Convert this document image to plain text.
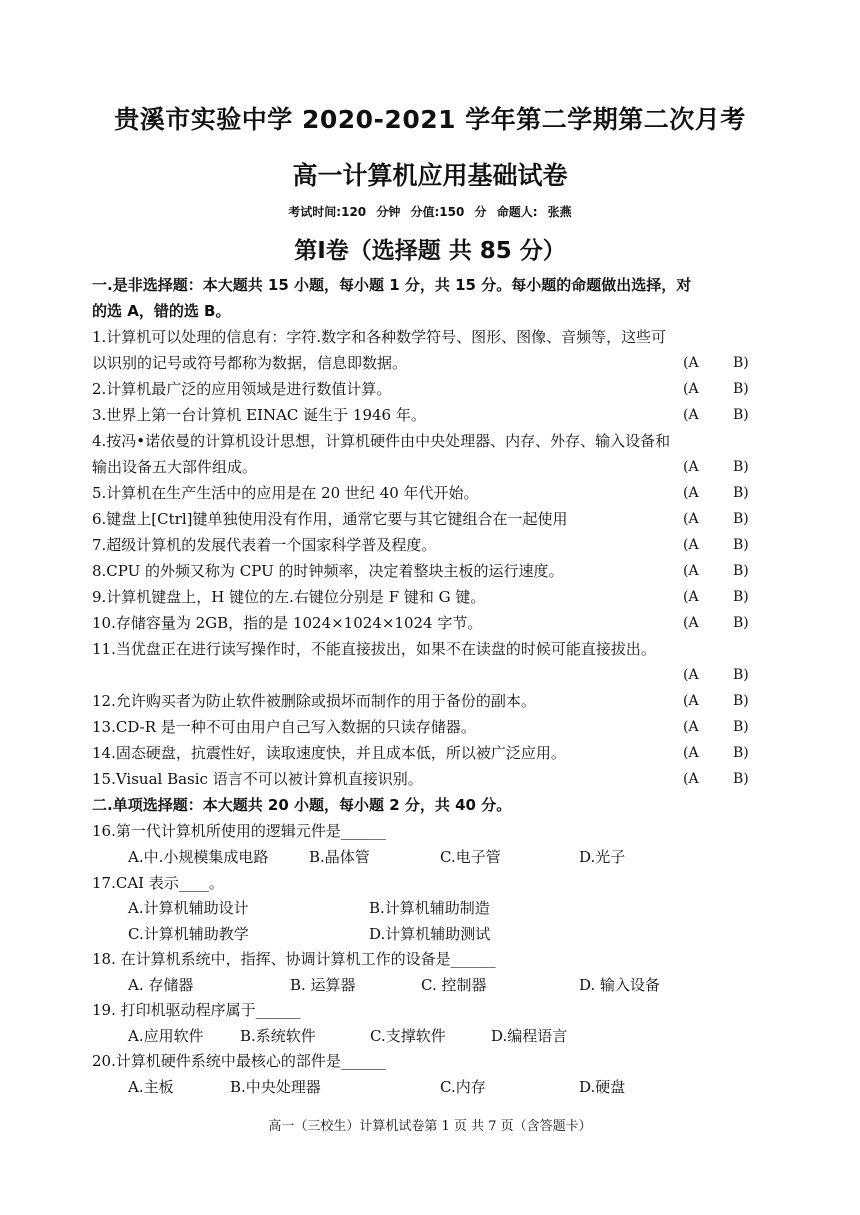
贵溪市实验中学 2020-2021 学年第二学期第二次月考
高一计算机应用基础试卷
考试时间:120 分钟 分值:150 分 命题人: 张燕
第Ⅰ卷（选择题 共 85 分）
一.是非选择题：本大题共 15 小题，每小题 1 分，共 15 分。每小题的命题做出选择，对
的选 A，错的选 B。
1.计算机可以处理的信息有：字符.数字和各种数学符号、图形、图像、音频等，这些可
以识别的记号或符号都称为数据，信息即数据。	(A B)
2.计算机最广泛的应用领域是进行数值计算。	(A B)
3.世界上第一台计算机 EINAC 诞生于 1946 年。	(A B)
4.按冯•诺依曼的计算机设计思想，计算机硬件由中央处理器、内存、外存、输入设备和
输出设备五大部件组成。	(A B)
5.计算机在生产生活中的应用是在 20 世纪 40 年代开始。	(A B)
6.键盘上[Ctrl]键单独使用没有作用，通常它要与其它键组合在一起使用	(A B)
7.超级计算机的发展代表着一个国家科学普及程度。	(A B)
8.CPU 的外频又称为 CPU 的时钟频率，决定着整块主板的运行速度。	(A B)
9.计算机键盘上，H 键位的左.右键位分别是 F 键和 G 键。	(A B)
10.存储容量为 2GB，指的是 1024×1024×1024 字节。	(A B)
11.当优盘正在进行读写操作时，不能直接拔出，如果不在读盘的时候可能直接拔出。
(A B)
12.允许购买者为防止软件被删除或损坏而制作的用于备份的副本。	(A B)
13.CD-R 是一种不可由用户自己写入数据的只读存储器。	(A B)
14.固态硬盘，抗震性好，读取速度快，并且成本低，所以被广泛应用。	(A B)
15.Visual Basic 语言不可以被计算机直接识别。	(A B)
二.单项选择题：本大题共 20 小题，每小题 2 分，共 40 分。
16.第一代计算机所使用的逻辑元件是______
A.中.小规模集成电路	B.晶体管	C.电子管	D.光子
17.CAI 表示____。
A.计算机辅助设计	B.计算机辅助制造
C.计算机辅助教学	D.计算机辅助测试
18. 在计算机系统中，指挥、协调计算机工作的设备是______
A. 存储器	B. 运算器	C. 控制器	D. 输入设备
19. 打印机驱动程序属于______
A.应用软件 B.系统软件	C.支撑软件	D.编程语言
20.计算机硬件系统中最核心的部件是______
A.主板	B.中央处理器	C.内存	D.硬盘
高一（三校生）计算机试卷第 1 页 共 7 页（含答题卡）
